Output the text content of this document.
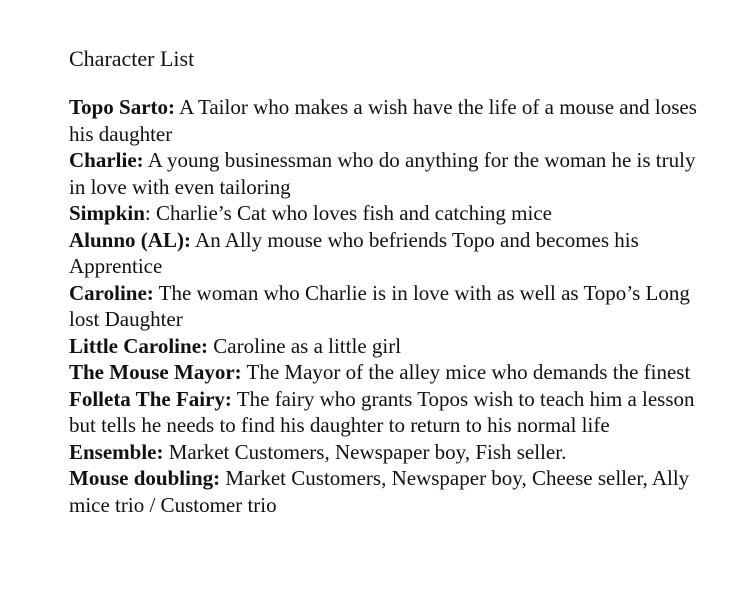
Character List

Topo Sarto: A Tailor who makes a wish have the life of a mouse and loses his daughter

Charlie: A young businessman who do anything for the woman he is truly in love with even tailoring

Simpkin: Charlie’s Cat who loves fish and catching mice

Alunno (AL): An Ally mouse who befriends Topo and becomes his Apprentice

Caroline: The woman who Charlie is in love with as well as Topo’s Long lost Daughter

Little Caroline: Caroline as a little girl

The Mouse Mayor: The Mayor of the alley mice who demands the finest

Folleta The Fairy: The fairy who grants Topos wish to teach him a lesson but tells he needs to find his daughter to return to his normal life

Ensemble: Market Customers, Newspaper boy, Fish seller.

Mouse doubling: Market Customers, Newspaper boy, Cheese seller, Ally mice trio / Customer trio
